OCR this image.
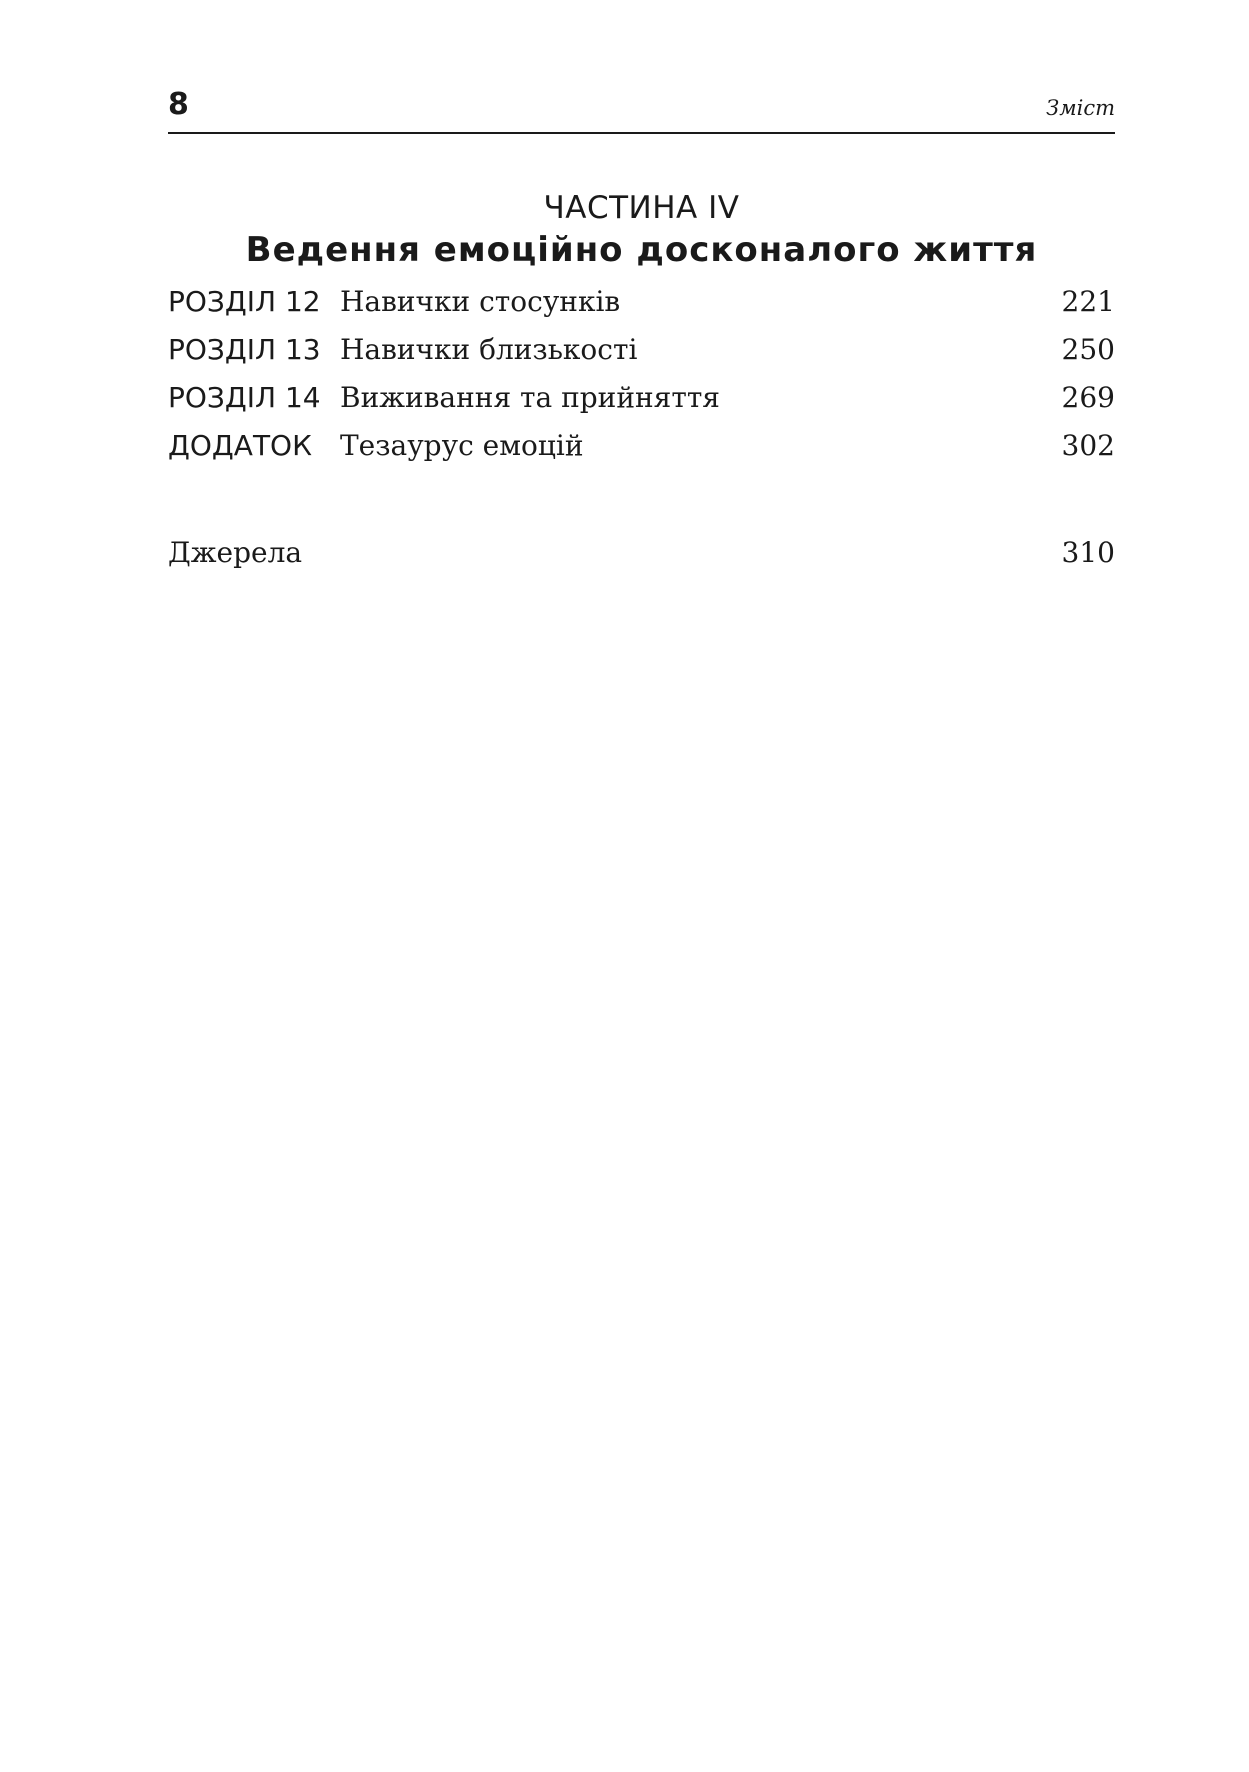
8	Зміст
ЧАСТИНА IV
Ведення емоційно досконалого життя
РОЗДІЛ 12 Навички стосунків	221
РОЗДІЛ 13 Навички близькості	250
РОЗДІЛ 14 Виживання та прийняття	269
ДОДАТОК Тезаурус емоцій	302
Джерела	310
